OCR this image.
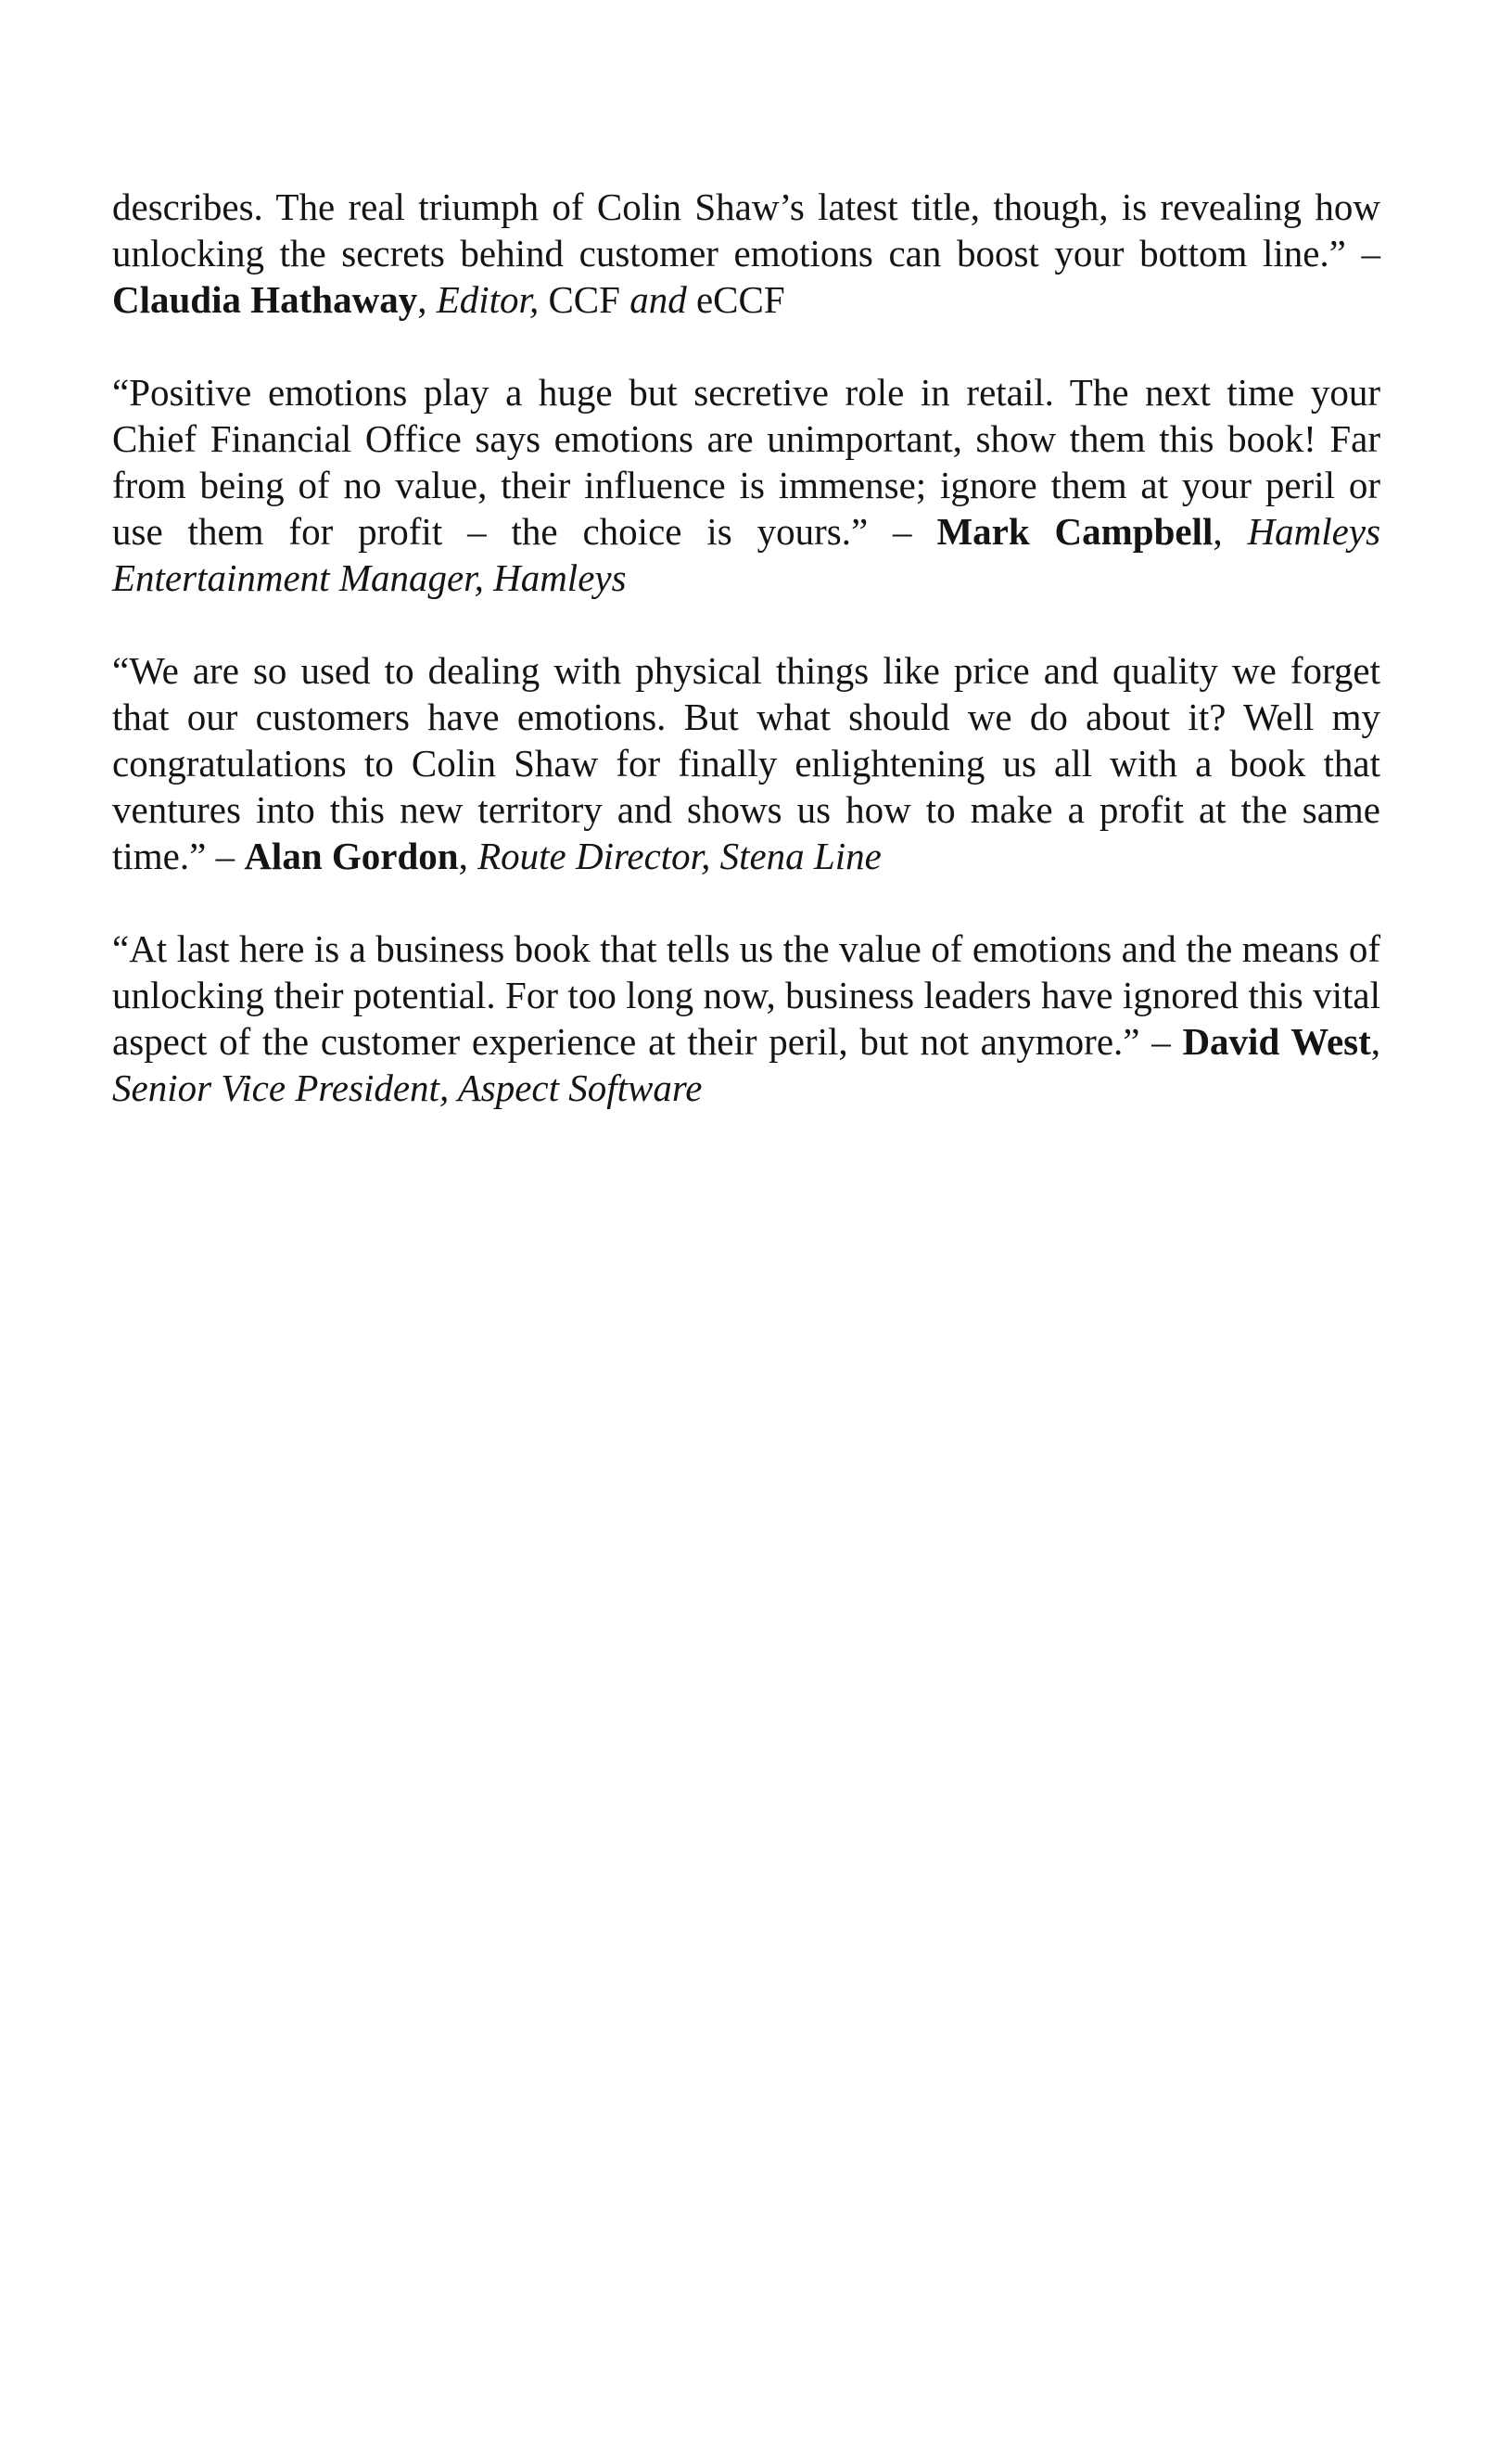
describes. The real triumph of Colin Shaw’s latest title, though, is revealing how unlocking the secrets behind customer emotions can boost your bottom line.” – Claudia Hathaway, Editor, CCF and eCCF

“Positive emotions play a huge but secretive role in retail. The next time your Chief Financial Office says emotions are unimportant, show them this book! Far from being of no value, their influence is immense; ignore them at your peril or use them for profit – the choice is yours.” – Mark Campbell, Hamleys Entertainment Manager, Hamleys

“We are so used to dealing with physical things like price and quality we forget that our customers have emotions. But what should we do about it? Well my congratulations to Colin Shaw for finally enlightening us all with a book that ventures into this new territory and shows us how to make a profit at the same time.” – Alan Gordon, Route Director, Stena Line

“At last here is a business book that tells us the value of emotions and the means of unlocking their potential. For too long now, business leaders have ignored this vital aspect of the customer experience at their peril, but not anymore.” – David West, Senior Vice President, Aspect Software
